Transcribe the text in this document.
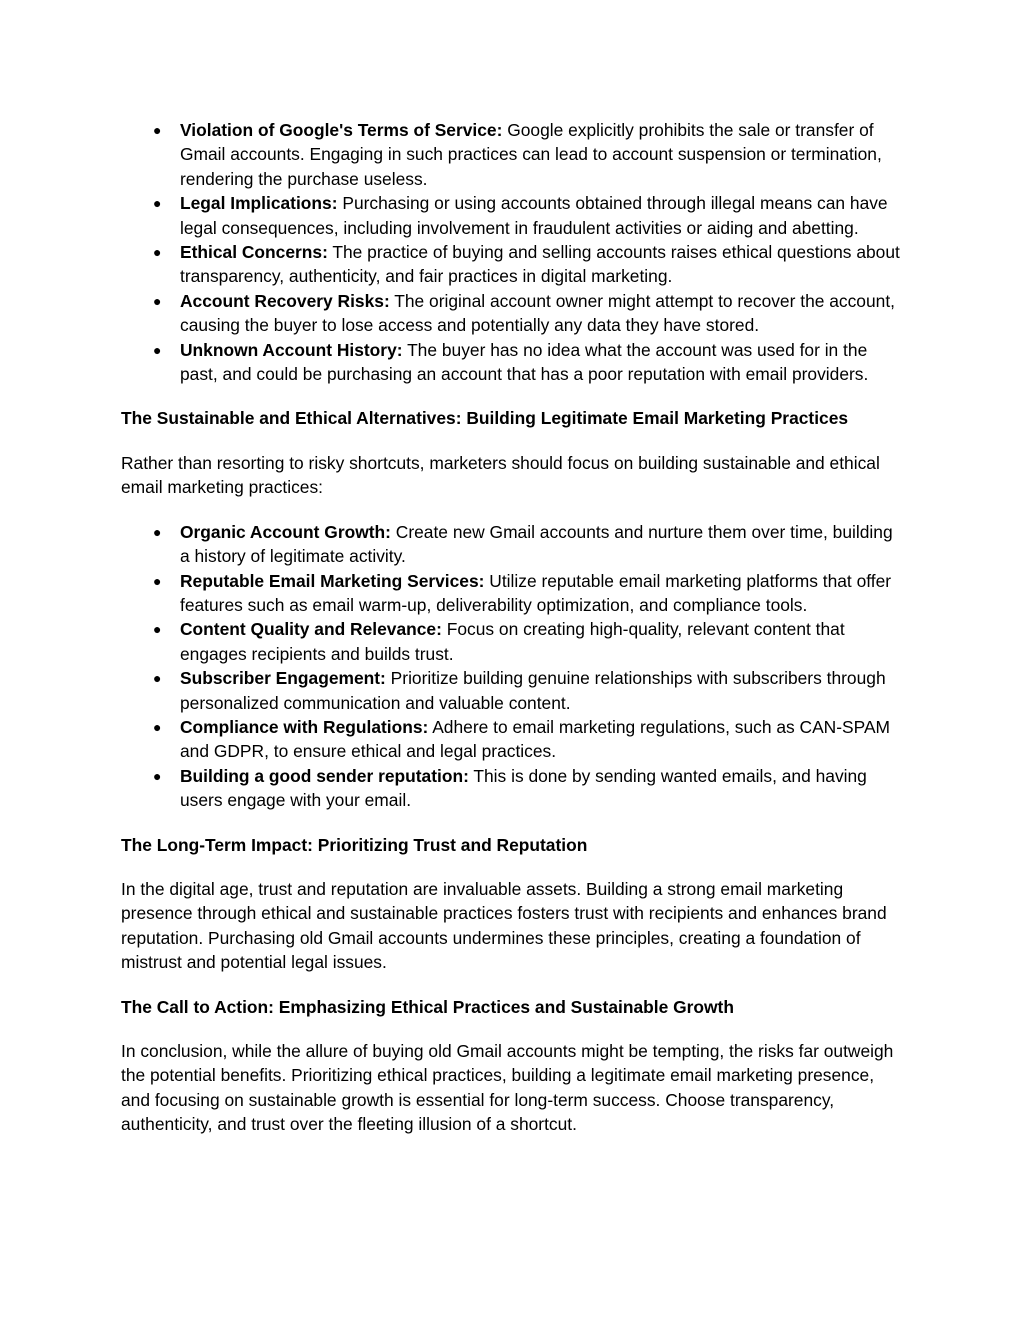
● Violation of Google's Terms of Service: Google explicitly prohibits the sale or transfer of Gmail accounts. Engaging in such practices can lead to account suspension or termination, rendering the purchase useless.
● Legal Implications: Purchasing or using accounts obtained through illegal means can have legal consequences, including involvement in fraudulent activities or aiding and abetting.
● Ethical Concerns: The practice of buying and selling accounts raises ethical questions about transparency, authenticity, and fair practices in digital marketing.
● Account Recovery Risks: The original account owner might attempt to recover the account, causing the buyer to lose access and potentially any data they have stored.
● Unknown Account History: The buyer has no idea what the account was used for in the past, and could be purchasing an account that has a poor reputation with email providers.
The Sustainable and Ethical Alternatives: Building Legitimate Email Marketing Practices

Rather than resorting to risky shortcuts, marketers should focus on building sustainable and ethical email marketing practices:

● Organic Account Growth: Create new Gmail accounts and nurture them over time, building a history of legitimate activity.
● Reputable Email Marketing Services: Utilize reputable email marketing platforms that offer features such as email warm-up, deliverability optimization, and compliance tools.
● Content Quality and Relevance: Focus on creating high-quality, relevant content that engages recipients and builds trust.
● Subscriber Engagement: Prioritize building genuine relationships with subscribers through personalized communication and valuable content.
● Compliance with Regulations: Adhere to email marketing regulations, such as CAN-SPAM and GDPR, to ensure ethical and legal practices.
● Building a good sender reputation: This is done by sending wanted emails, and having users engage with your email.
The Long-Term Impact: Prioritizing Trust and Reputation

In the digital age, trust and reputation are invaluable assets. Building a strong email marketing presence through ethical and sustainable practices fosters trust with recipients and enhances brand reputation. Purchasing old Gmail accounts undermines these principles, creating a foundation of mistrust and potential legal issues.

The Call to Action: Emphasizing Ethical Practices and Sustainable Growth

In conclusion, while the allure of buying old Gmail accounts might be tempting, the risks far outweigh the potential benefits. Prioritizing ethical practices, building a legitimate email marketing presence, and focusing on sustainable growth is essential for long-term success. Choose transparency, authenticity, and trust over the fleeting illusion of a shortcut.
